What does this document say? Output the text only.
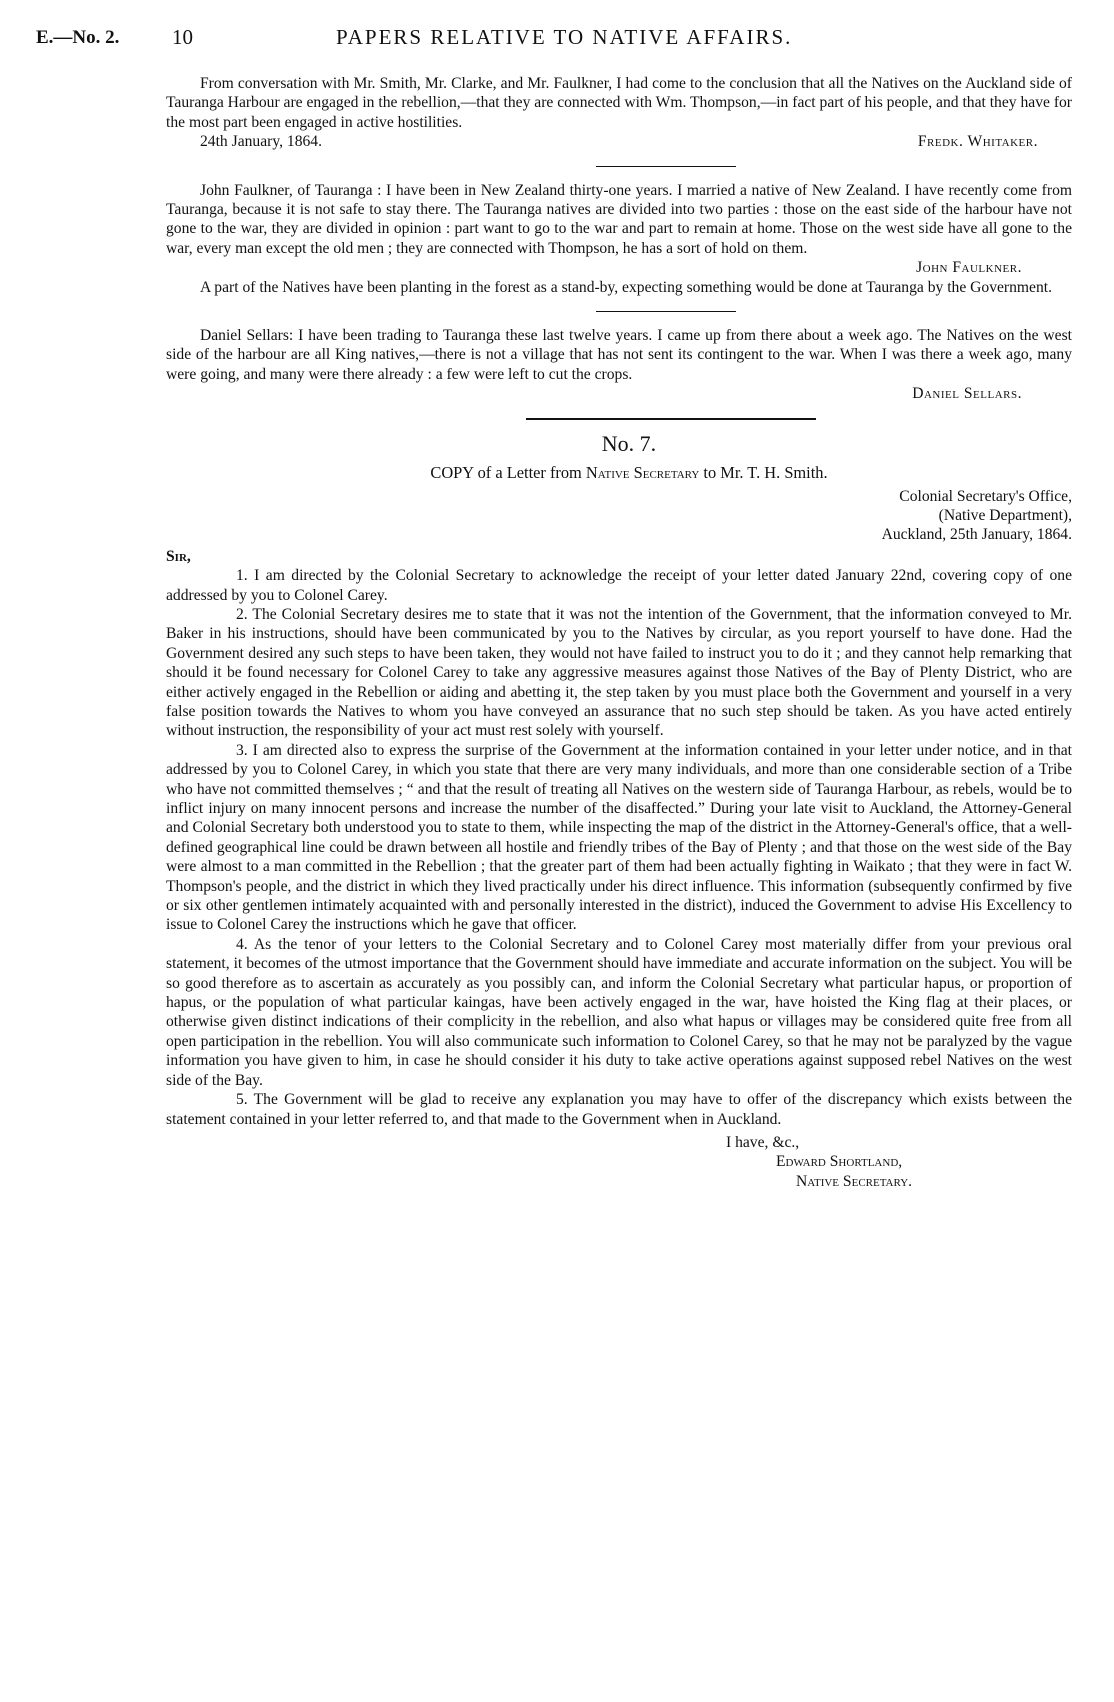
E.—No. 2.	10	PAPERS RELATIVE TO NATIVE AFFAIRS.

From conversation with Mr. Smith, Mr. Clarke, and Mr. Faulkner, I had come to the conclusion that all the Natives on the Auckland side of Tauranga Harbour are engaged in the rebellion,—that they are connected with Wm. Thompson,—in fact part of his people, and that they have for the most part been engaged in active hostilities.

24th January, 1864.	Fredk. Whitaker.

John Faulkner, of Tauranga : I have been in New Zealand thirty-one years. I married a native of New Zealand. I have recently come from Tauranga, because it is not safe to stay there. The Tauranga natives are divided into two parties : those on the east side of the harbour have not gone to the war, they are divided in opinion : part want to go to the war and part to remain at home. Those on the west side have all gone to the war, every man except the old men ; they are connected with Thompson, he has a sort of hold on them.

John Faulkner.

A part of the Natives have been planting in the forest as a stand-by, expecting something would be done at Tauranga by the Government.

Daniel Sellars: I have been trading to Tauranga these last twelve years. I came up from there about a week ago. The Natives on the west side of the harbour are all King natives,—there is not a village that has not sent its contingent to the war. When I was there a week ago, many were going, and many were there already : a few were left to cut the crops.

Daniel Sellars.
No. 7.
COPY of a Letter from Native Secretary to Mr. T. H. Smith.
Colonial Secretary's Office,
(Native Department),
Auckland, 25th January, 1864.
Sir,

1. I am directed by the Colonial Secretary to acknowledge the receipt of your letter dated January 22nd, covering copy of one addressed by you to Colonel Carey.

2. The Colonial Secretary desires me to state that it was not the intention of the Government, that the information conveyed to Mr. Baker in his instructions, should have been communicated by you to the Natives by circular, as you report yourself to have done. Had the Government desired any such steps to have been taken, they would not have failed to instruct you to do it ; and they cannot help remarking that should it be found necessary for Colonel Carey to take any aggressive measures against those Natives of the Bay of Plenty District, who are either actively engaged in the Rebellion or aiding and abetting it, the step taken by you must place both the Government and yourself in a very false position towards the Natives to whom you have conveyed an assurance that no such step should be taken. As you have acted entirely without instruction, the responsibility of your act must rest solely with yourself.

3. I am directed also to express the surprise of the Government at the information contained in your letter under notice, and in that addressed by you to Colonel Carey, in which you state that there are very many individuals, and more than one considerable section of a Tribe who have not committed themselves ; “ and that the result of treating all Natives on the western side of Tauranga Harbour, as rebels, would be to inflict injury on many innocent persons and increase the number of the disaffected.” During your late visit to Auckland, the Attorney-General and Colonial Secretary both understood you to state to them, while inspecting the map of the district in the Attorney-General's office, that a well-defined geographical line could be drawn between all hostile and friendly tribes of the Bay of Plenty ; and that those on the west side of the Bay were almost to a man committed in the Rebellion ; that the greater part of them had been actually fighting in Waikato ; that they were in fact W. Thompson's people, and the district in which they lived practically under his direct influence. This information (subsequently confirmed by five or six other gentlemen intimately acquainted with and personally interested in the district), induced the Government to advise His Excellency to issue to Colonel Carey the instructions which he gave that officer.

4. As the tenor of your letters to the Colonial Secretary and to Colonel Carey most materially differ from your previous oral statement, it becomes of the utmost importance that the Government should have immediate and accurate information on the subject. You will be so good therefore as to ascertain as accurately as you possibly can, and inform the Colonial Secretary what particular hapus, or proportion of hapus, or the population of what particular kaingas, have been actively engaged in the war, have hoisted the King flag at their places, or otherwise given distinct indications of their complicity in the rebellion, and also what hapus or villages may be considered quite free from all open participation in the rebellion. You will also communicate such information to Colonel Carey, so that he may not be paralyzed by the vague information you have given to him, in case he should consider it his duty to take active operations against supposed rebel Natives on the west side of the Bay.

5. The Government will be glad to receive any explanation you may have to offer of the discrepancy which exists between the statement contained in your letter referred to, and that made to the Government when in Auckland.

I have, &c.,
Edward Shortland,
Native Secretary.
